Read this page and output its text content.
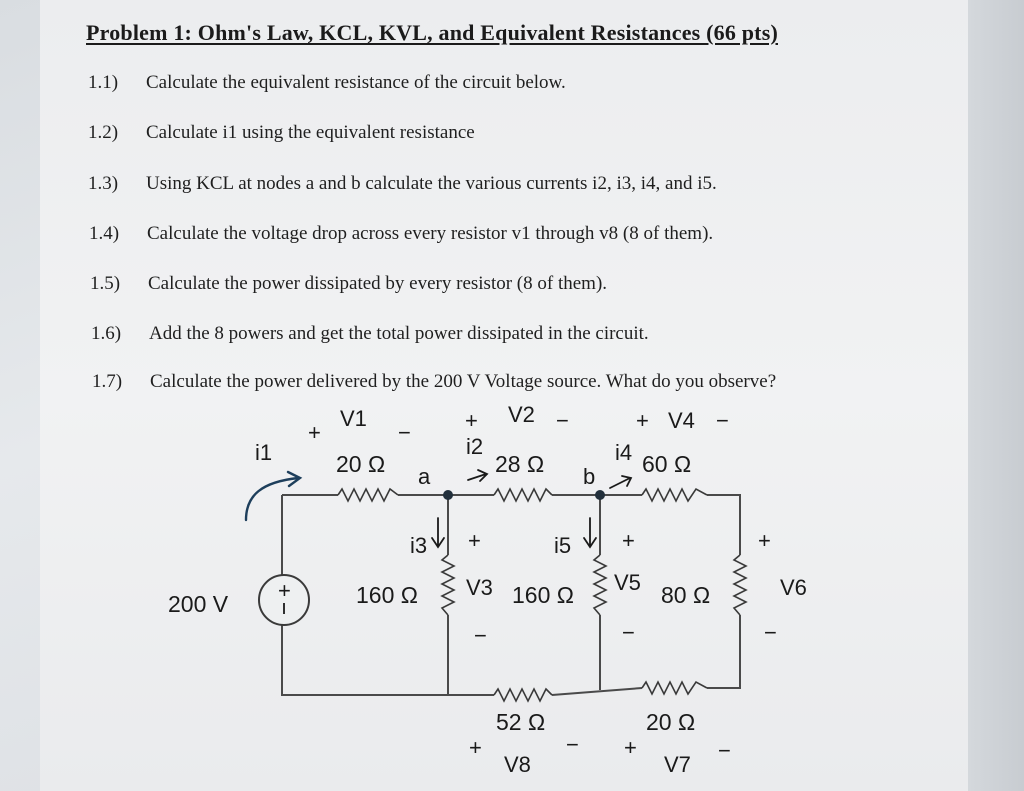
Problem 1: Ohm's Law, KCL, KVL, and Equivalent Resistances (66 pts)
1.1) Calculate the equivalent resistance of the circuit below.
1.2) Calculate i1 using the equivalent resistance
1.3) Using KCL at nodes a and b calculate the various currents i2, i3, i4, and i5.
1.4) Calculate the voltage drop across every resistor v1 through v8 (8 of them).
1.5) Calculate the power dissipated by every resistor (8 of them).
1.6) Add the 8 powers and get the total power dissipated in the circuit.
1.7) Calculate the power delivered by the 200 V Voltage source. What do you observe?
+
200 V
20 Ω	28 Ω	60 Ω
160 Ω	160 Ω	80 Ω
52 Ω	20 Ω
i1
a
i2
b
i4
i3	i5
+
V1
− + V2 −	+ V4 −
+
V3
−
+
V5
−
+
V6
−
+
V8
− +
V7
−
